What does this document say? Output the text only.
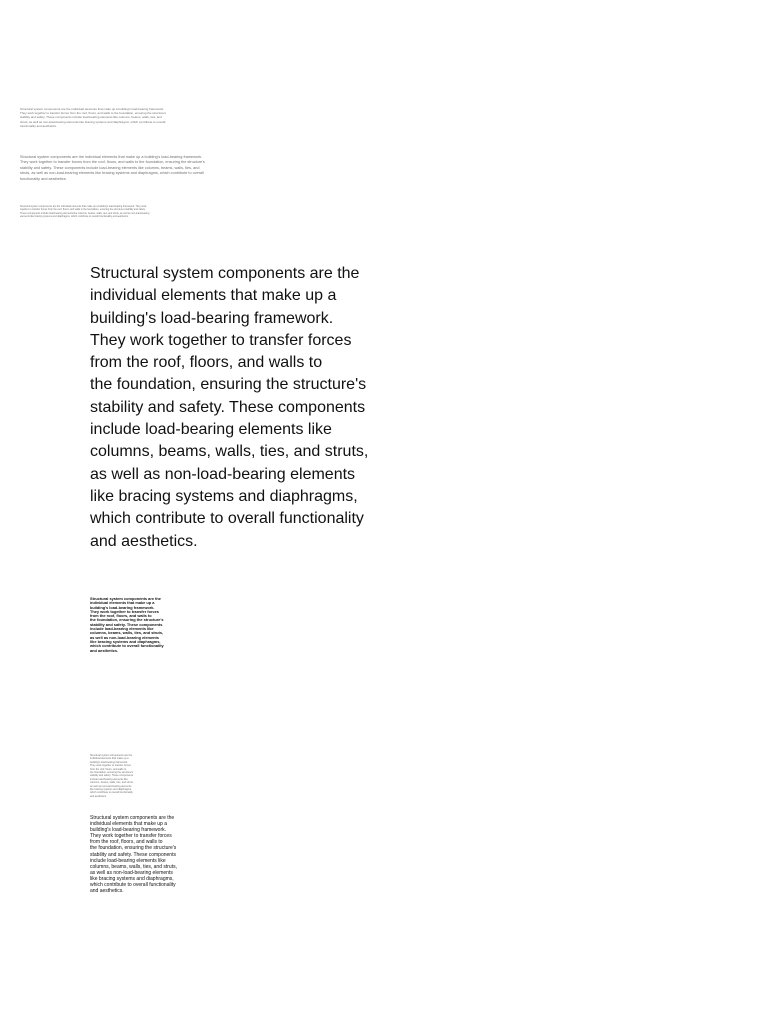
Structural system components are the individual elements that make up a building's load-bearing framework. They work together to transfer forces from the roof, floors, and walls to the foundation, ensuring the structure's stability and safety. These components include load-bearing elements like columns, beams, walls, ties, and struts, as well as non-load-bearing elements like bracing systems and diaphragms, which contribute to overall functionality and aesthetics.

Structural system components are the individual elements that make up a building's load-bearing framework. They work together to transfer forces from the roof, floors, and walls to the foundation, ensuring the structure's stability and safety. These components include load-bearing elements like columns, beams, walls, ties, and struts, as well as non-load-bearing elements like bracing systems and diaphragms, which contribute to overall functionality and aesthetics.

Structural system components are the individual elements that make up a building's load-bearing framework. They work together to transfer forces from the roof, floors, and walls to the foundation, ensuring the structure's stability and safety. These components include load-bearing elements like columns, beams, walls, ties, and struts, as well as non-load-bearing elements like bracing systems and diaphragms, which contribute to overall functionality and aesthetics.

Structural system components are the
individual elements that make up a
building's load-bearing framework.
They work together to transfer forces
from the roof, floors, and walls to
the foundation, ensuring the structure's
stability and safety. These components
include load-bearing elements like
columns, beams, walls, ties, and struts,
as well as non-load-bearing elements
like bracing systems and diaphragms,
which contribute to overall functionality
and aesthetics.

Structural system components are the
individual elements that make up a
building's load-bearing framework.
They work together to transfer forces
from the roof, floors, and walls to
the foundation, ensuring the structure's
stability and safety. These components
include load-bearing elements like
columns, beams, walls, ties, and struts,
as well as non-load-bearing elements
like bracing systems and diaphragms,
which contribute to overall functionality
and aesthetics.

Structural system components are the
individual elements that make up a
building's load-bearing framework.
They work together to transfer forces
from the roof, floors, and walls to
the foundation, ensuring the structure's
stability and safety. These components
include load-bearing elements like
columns, beams, walls, ties, and struts,
as well as non-load-bearing elements
like bracing systems and diaphragms,
which contribute to overall functionality
and aesthetics.

Structural system components are the
individual elements that make up a
building's load-bearing framework.
They work together to transfer forces
from the roof, floors, and walls to
the foundation, ensuring the structure's
stability and safety. These components
include load-bearing elements like
columns, beams, walls, ties, and struts,
as well as non-load-bearing elements
like bracing systems and diaphragms,
which contribute to overall functionality
and aesthetics.
